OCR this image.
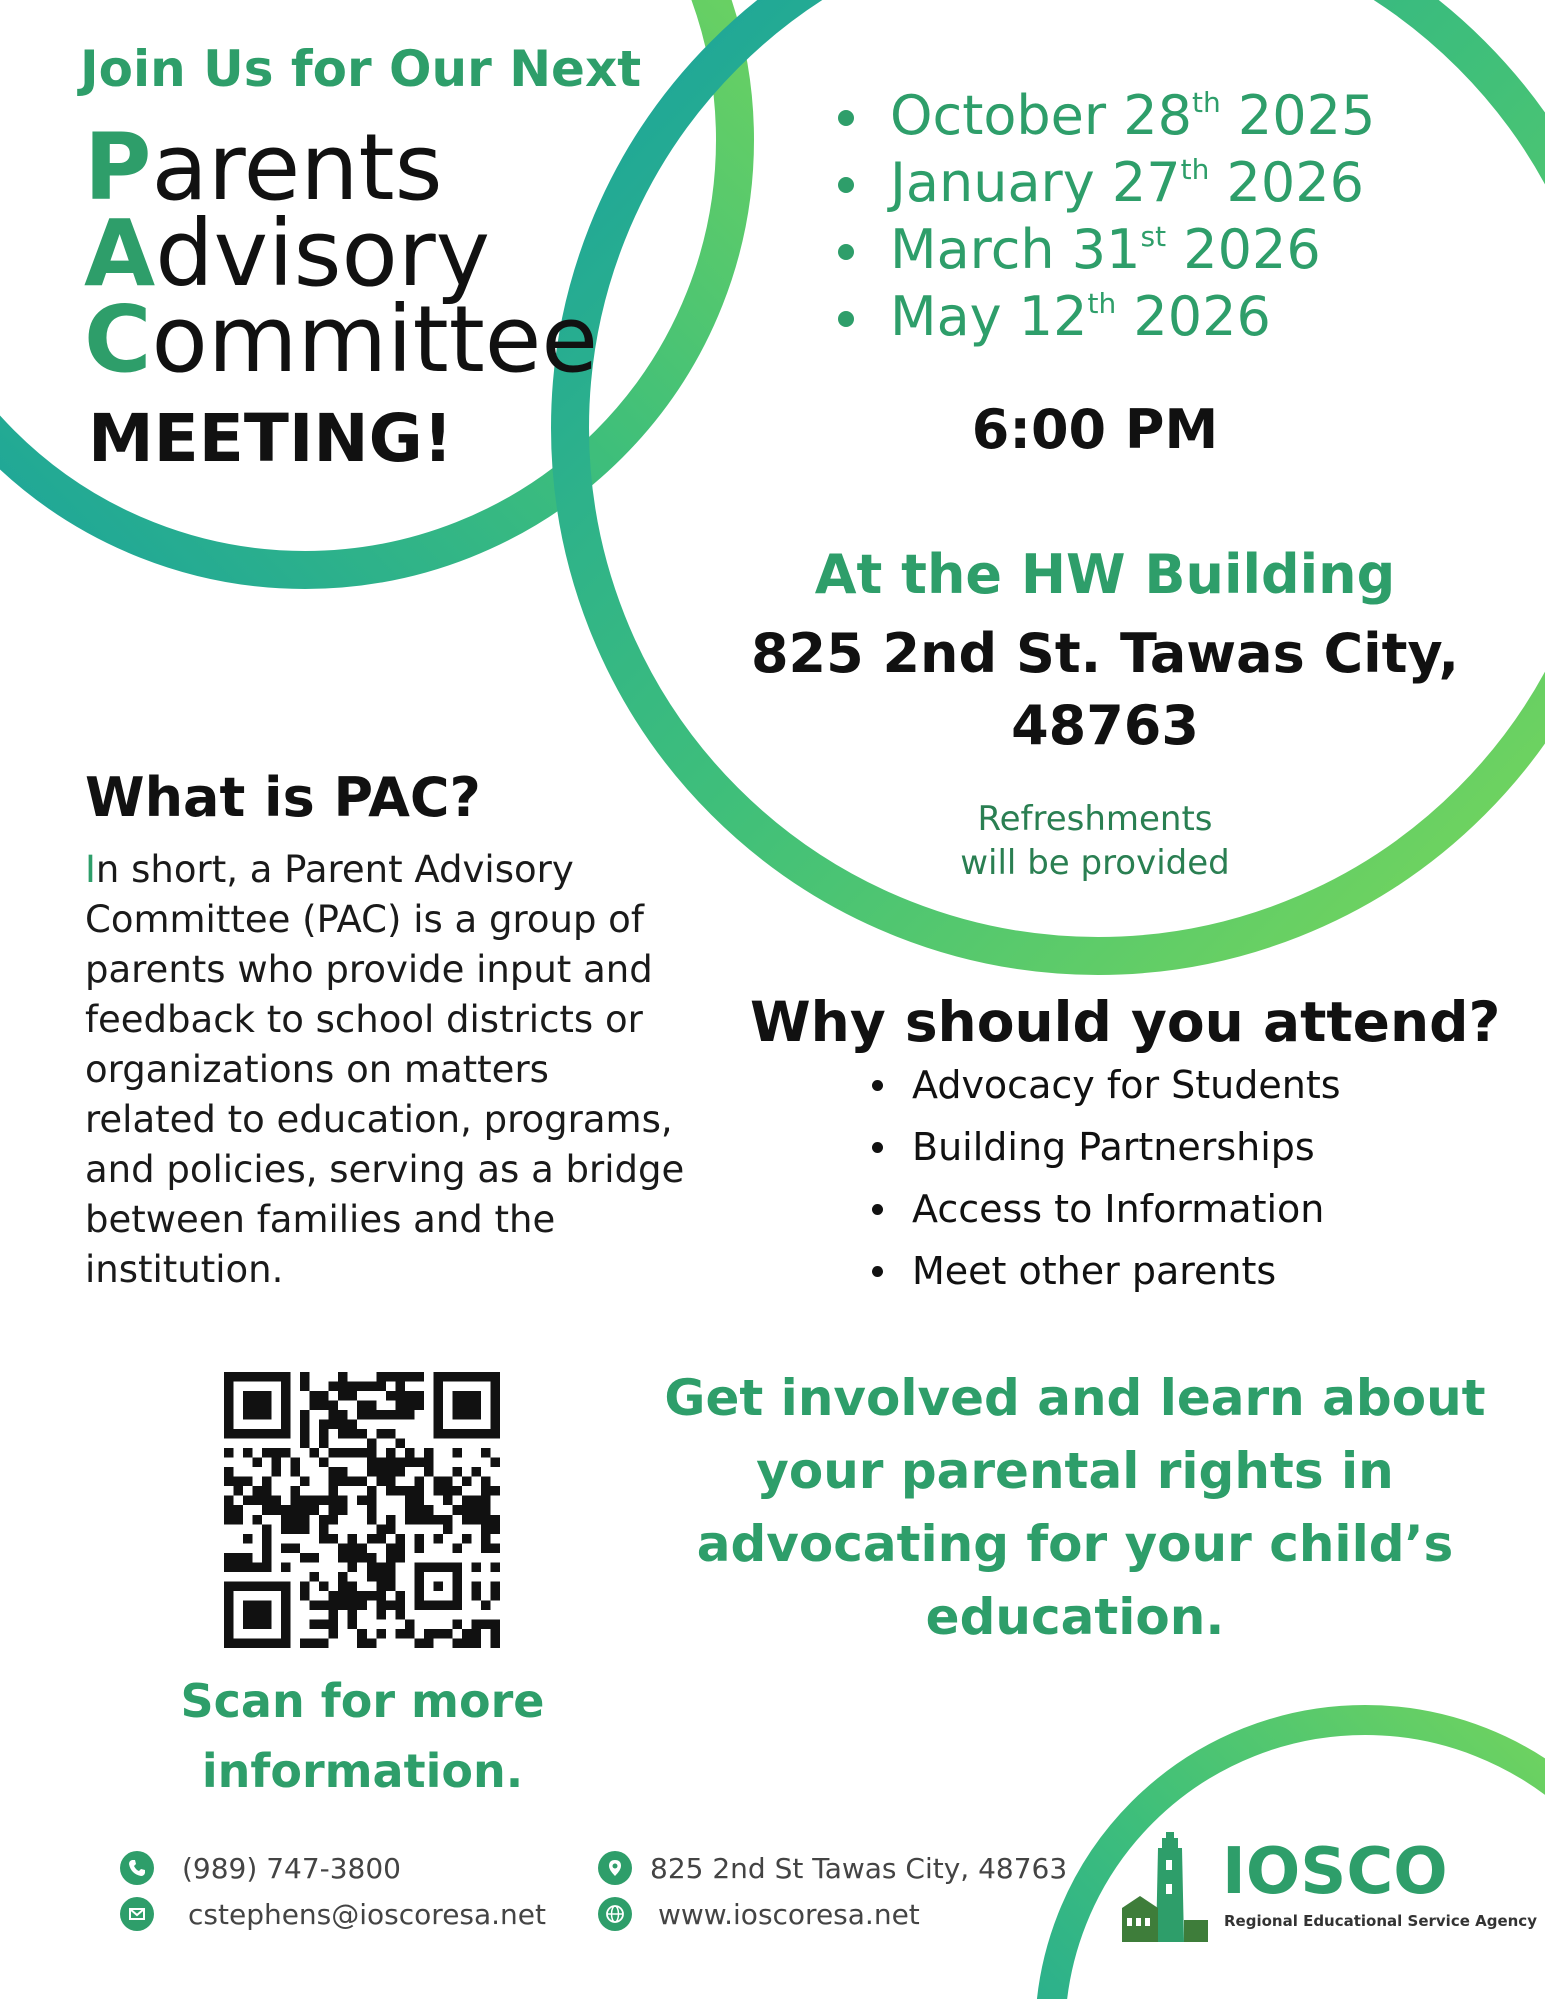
Join Us for Our Next
Parents
Advisory
Committee
MEETING!
October 28th 2025
January 27th 2026
March 31st 2026
May 12th 2026
6:00 PM
At the HW Building
825 2nd St. Tawas City,
48763
Refreshments
will be provided
What is PAC?
In short, a Parent Advisory Committee (PAC) is a group of parents who provide input and feedback to school districts or organizations on matters related to education, programs, and policies, serving as a bridge between families and the institution.
Why should you attend?
Advocacy for Students
Building Partnerships
Access to Information
Meet other parents
Get involved and learn about
your parental rights in
advocating for your child’s
education.
Scan for more
information.
(989) 747-3800
cstephens@ioscoresa.net
825 2nd St Tawas City, 48763
www.ioscoresa.net
IOSCO
Regional Educational Service Agency
